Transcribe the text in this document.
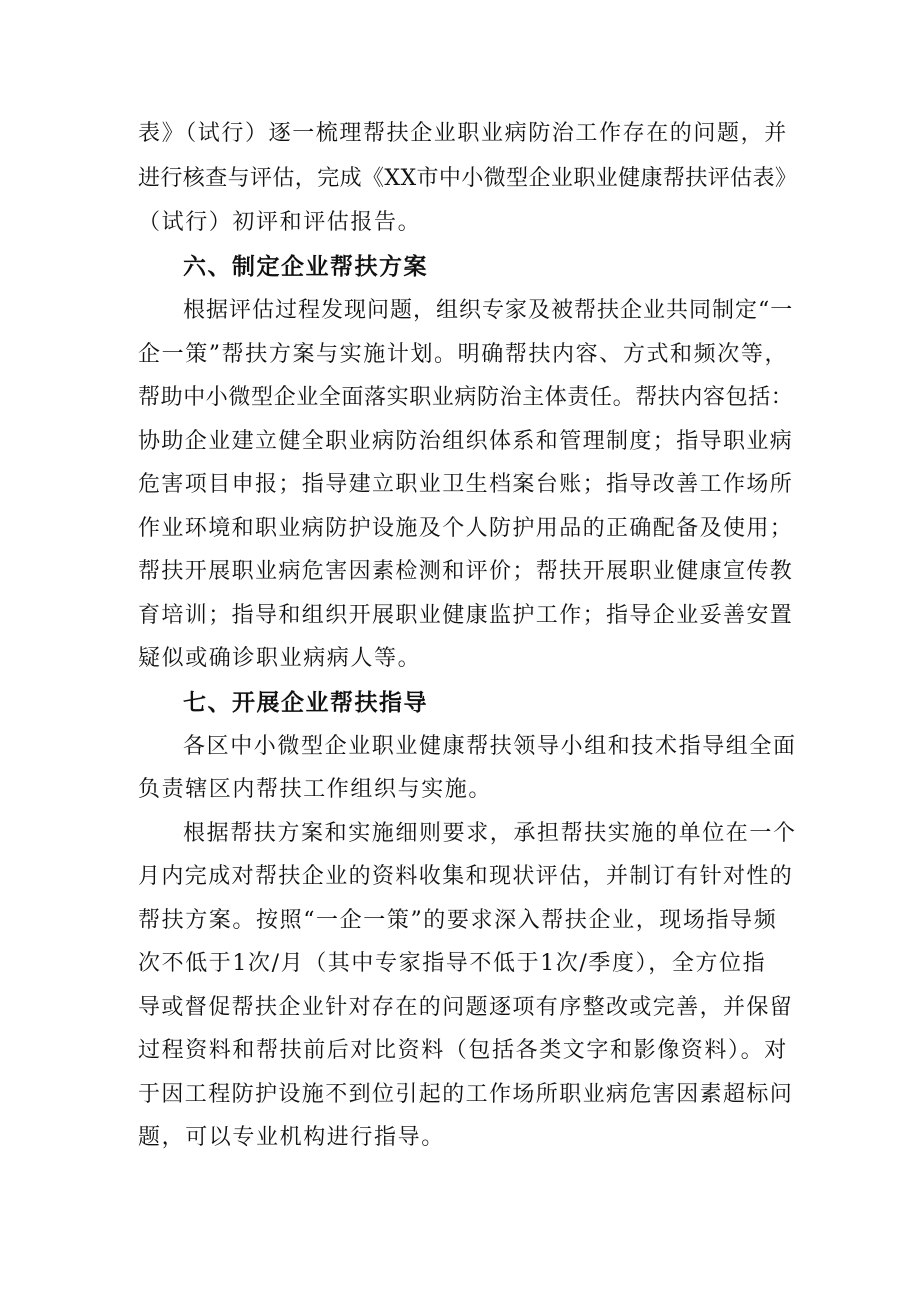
表》（试行）逐一梳理帮扶企业职业病防治工作存在的问题，并
进行核查与评估，完成《XX市中小微型企业职业健康帮扶评估表》
（试行）初评和评估报告。
六、制定企业帮扶方案
根据评估过程发现问题，组织专家及被帮扶企业共同制定“一
企一策”帮扶方案与实施计划。明确帮扶内容、方式和频次等，
帮助中小微型企业全面落实职业病防治主体责任。帮扶内容包括：
协助企业建立健全职业病防治组织体系和管理制度；指导职业病
危害项目申报；指导建立职业卫生档案台账；指导改善工作场所
作业环境和职业病防护设施及个人防护用品的正确配备及使用；
帮扶开展职业病危害因素检测和评价；帮扶开展职业健康宣传教
育培训；指导和组织开展职业健康监护工作；指导企业妥善安置
疑似或确诊职业病病人等。
七、开展企业帮扶指导
各区中小微型企业职业健康帮扶领导小组和技术指导组全面
负责辖区内帮扶工作组织与实施。
根据帮扶方案和实施细则要求，承担帮扶实施的单位在一个
月内完成对帮扶企业的资料收集和现状评估，并制订有针对性的
帮扶方案。按照“一企一策”的要求深入帮扶企业，现场指导频
次不低于1次/月（其中专家指导不低于1次/季度），全方位指
导或督促帮扶企业针对存在的问题逐项有序整改或完善，并保留
过程资料和帮扶前后对比资料（包括各类文字和影像资料）。对
于因工程防护设施不到位引起的工作场所职业病危害因素超标问
题，可以专业机构进行指导。
